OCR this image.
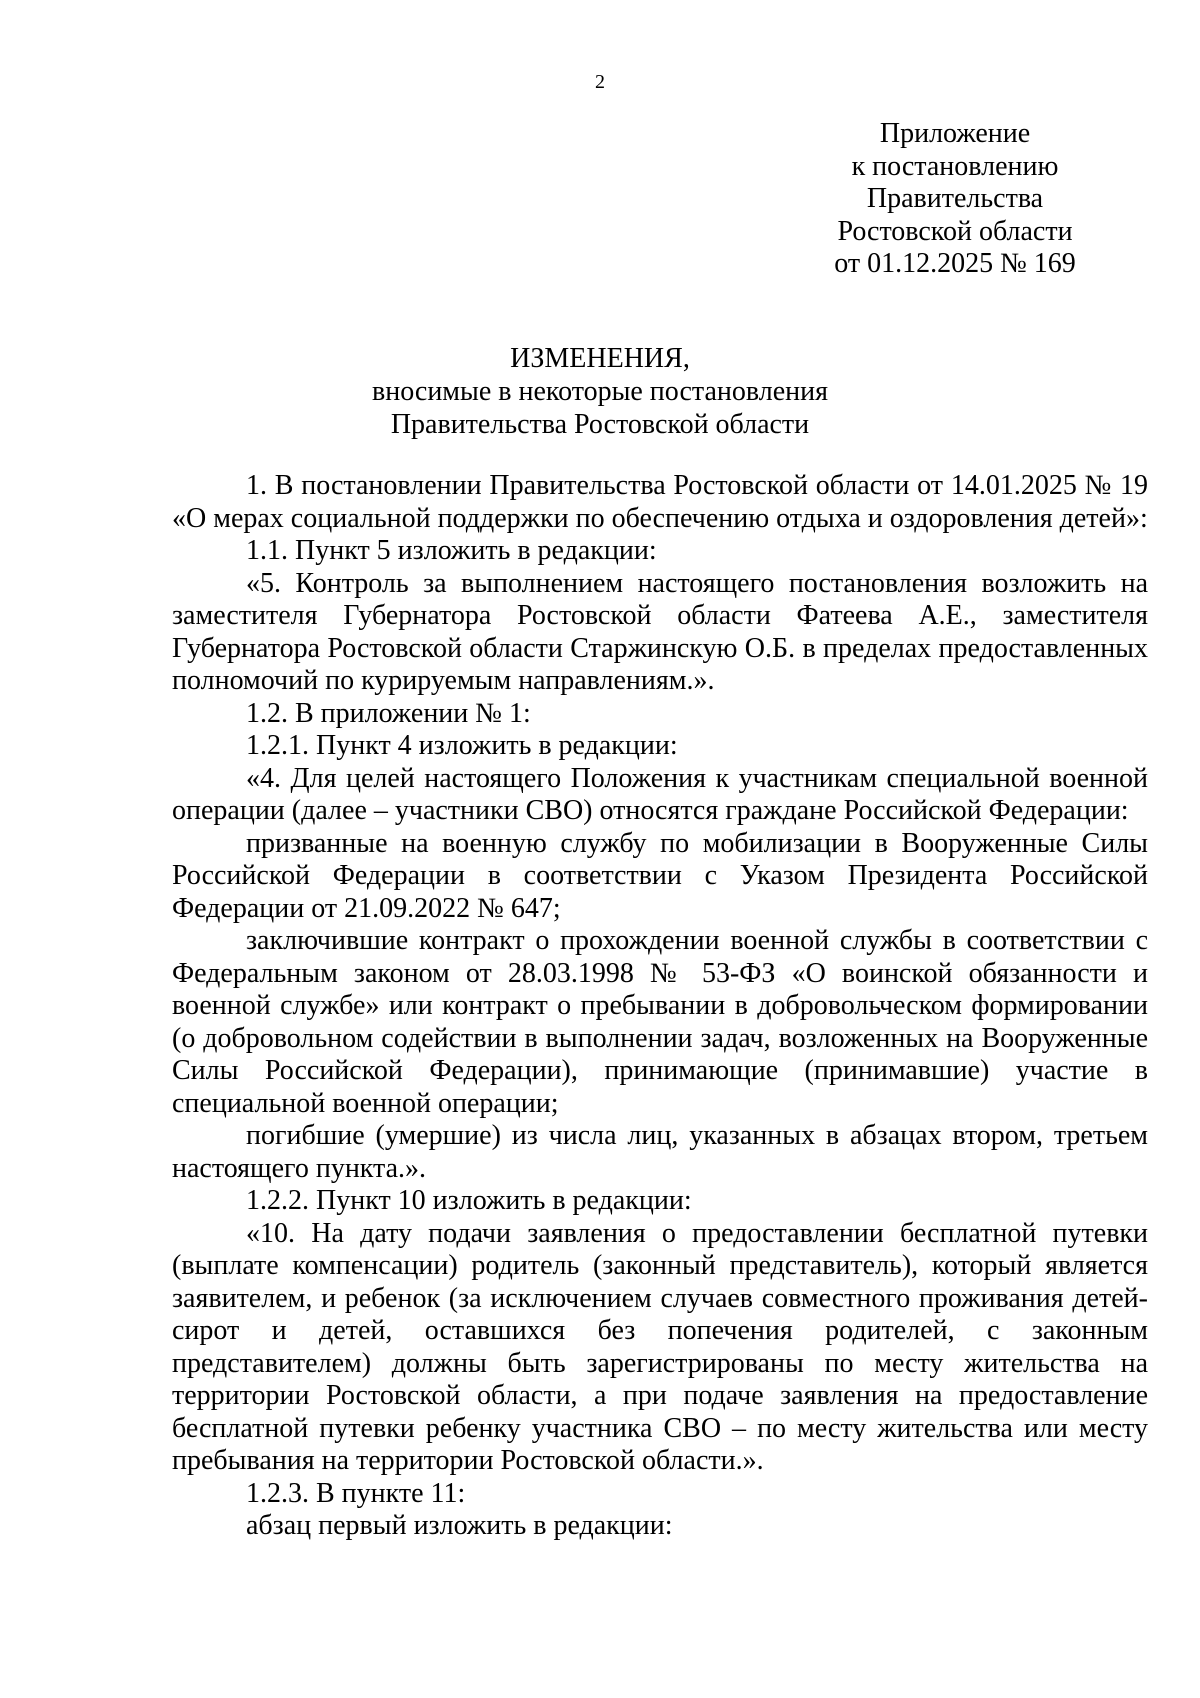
2
Приложение
к постановлению
Правительства
Ростовской области
от 01.12.2025 № 169
ИЗМЕНЕНИЯ,
вносимые в некоторые постановления
Правительства Ростовской области

1. В постановлении Правительства Ростовской области от 14.01.2025 № 19 «О мерах социальной поддержки по обеспечению отдыха и оздоровления детей»:

1.1. Пункт 5 изложить в редакции:

«5. Контроль за выполнением настоящего постановления возложить на заместителя Губернатора Ростовской области Фатеева А.Е., заместителя Губернатора Ростовской области Старжинскую О.Б. в пределах предоставленных полномочий по курируемым направлениям.».

1.2. В приложении № 1:

1.2.1. Пункт 4 изложить в редакции:

«4. Для целей настоящего Положения к участникам специальной военной операции (далее – участники СВО) относятся граждане Российской Федерации:

призванные на военную службу по мобилизации в Вооруженные Силы Российской Федерации в соответствии с Указом Президента Российской Федерации от 21.09.2022 № 647;

заключившие контракт о прохождении военной службы в соответствии с Федеральным законом от 28.03.1998 № 53-ФЗ «О воинской обязанности и военной службе» или контракт о пребывании в добровольческом формировании (о добровольном содействии в выполнении задач, возложенных на Вооруженные Силы Российской Федерации), принимающие (принимавшие) участие в специальной военной операции;

погибшие (умершие) из числа лиц, указанных в абзацах втором, третьем настоящего пункта.».

1.2.2. Пункт 10 изложить в редакции:

«10. На дату подачи заявления о предоставлении бесплатной путевки (выплате компенсации) родитель (законный представитель), который является заявителем, и ребенок (за исключением случаев совместного проживания детей-сирот и детей, оставшихся без попечения родителей, с законным представителем) должны быть зарегистрированы по месту жительства на территории Ростовской области, а при подаче заявления на предоставление бесплатной путевки ребенку участника СВО – по месту жительства или месту пребывания на территории Ростовской области.».

1.2.3. В пункте 11:

абзац первый изложить в редакции:
